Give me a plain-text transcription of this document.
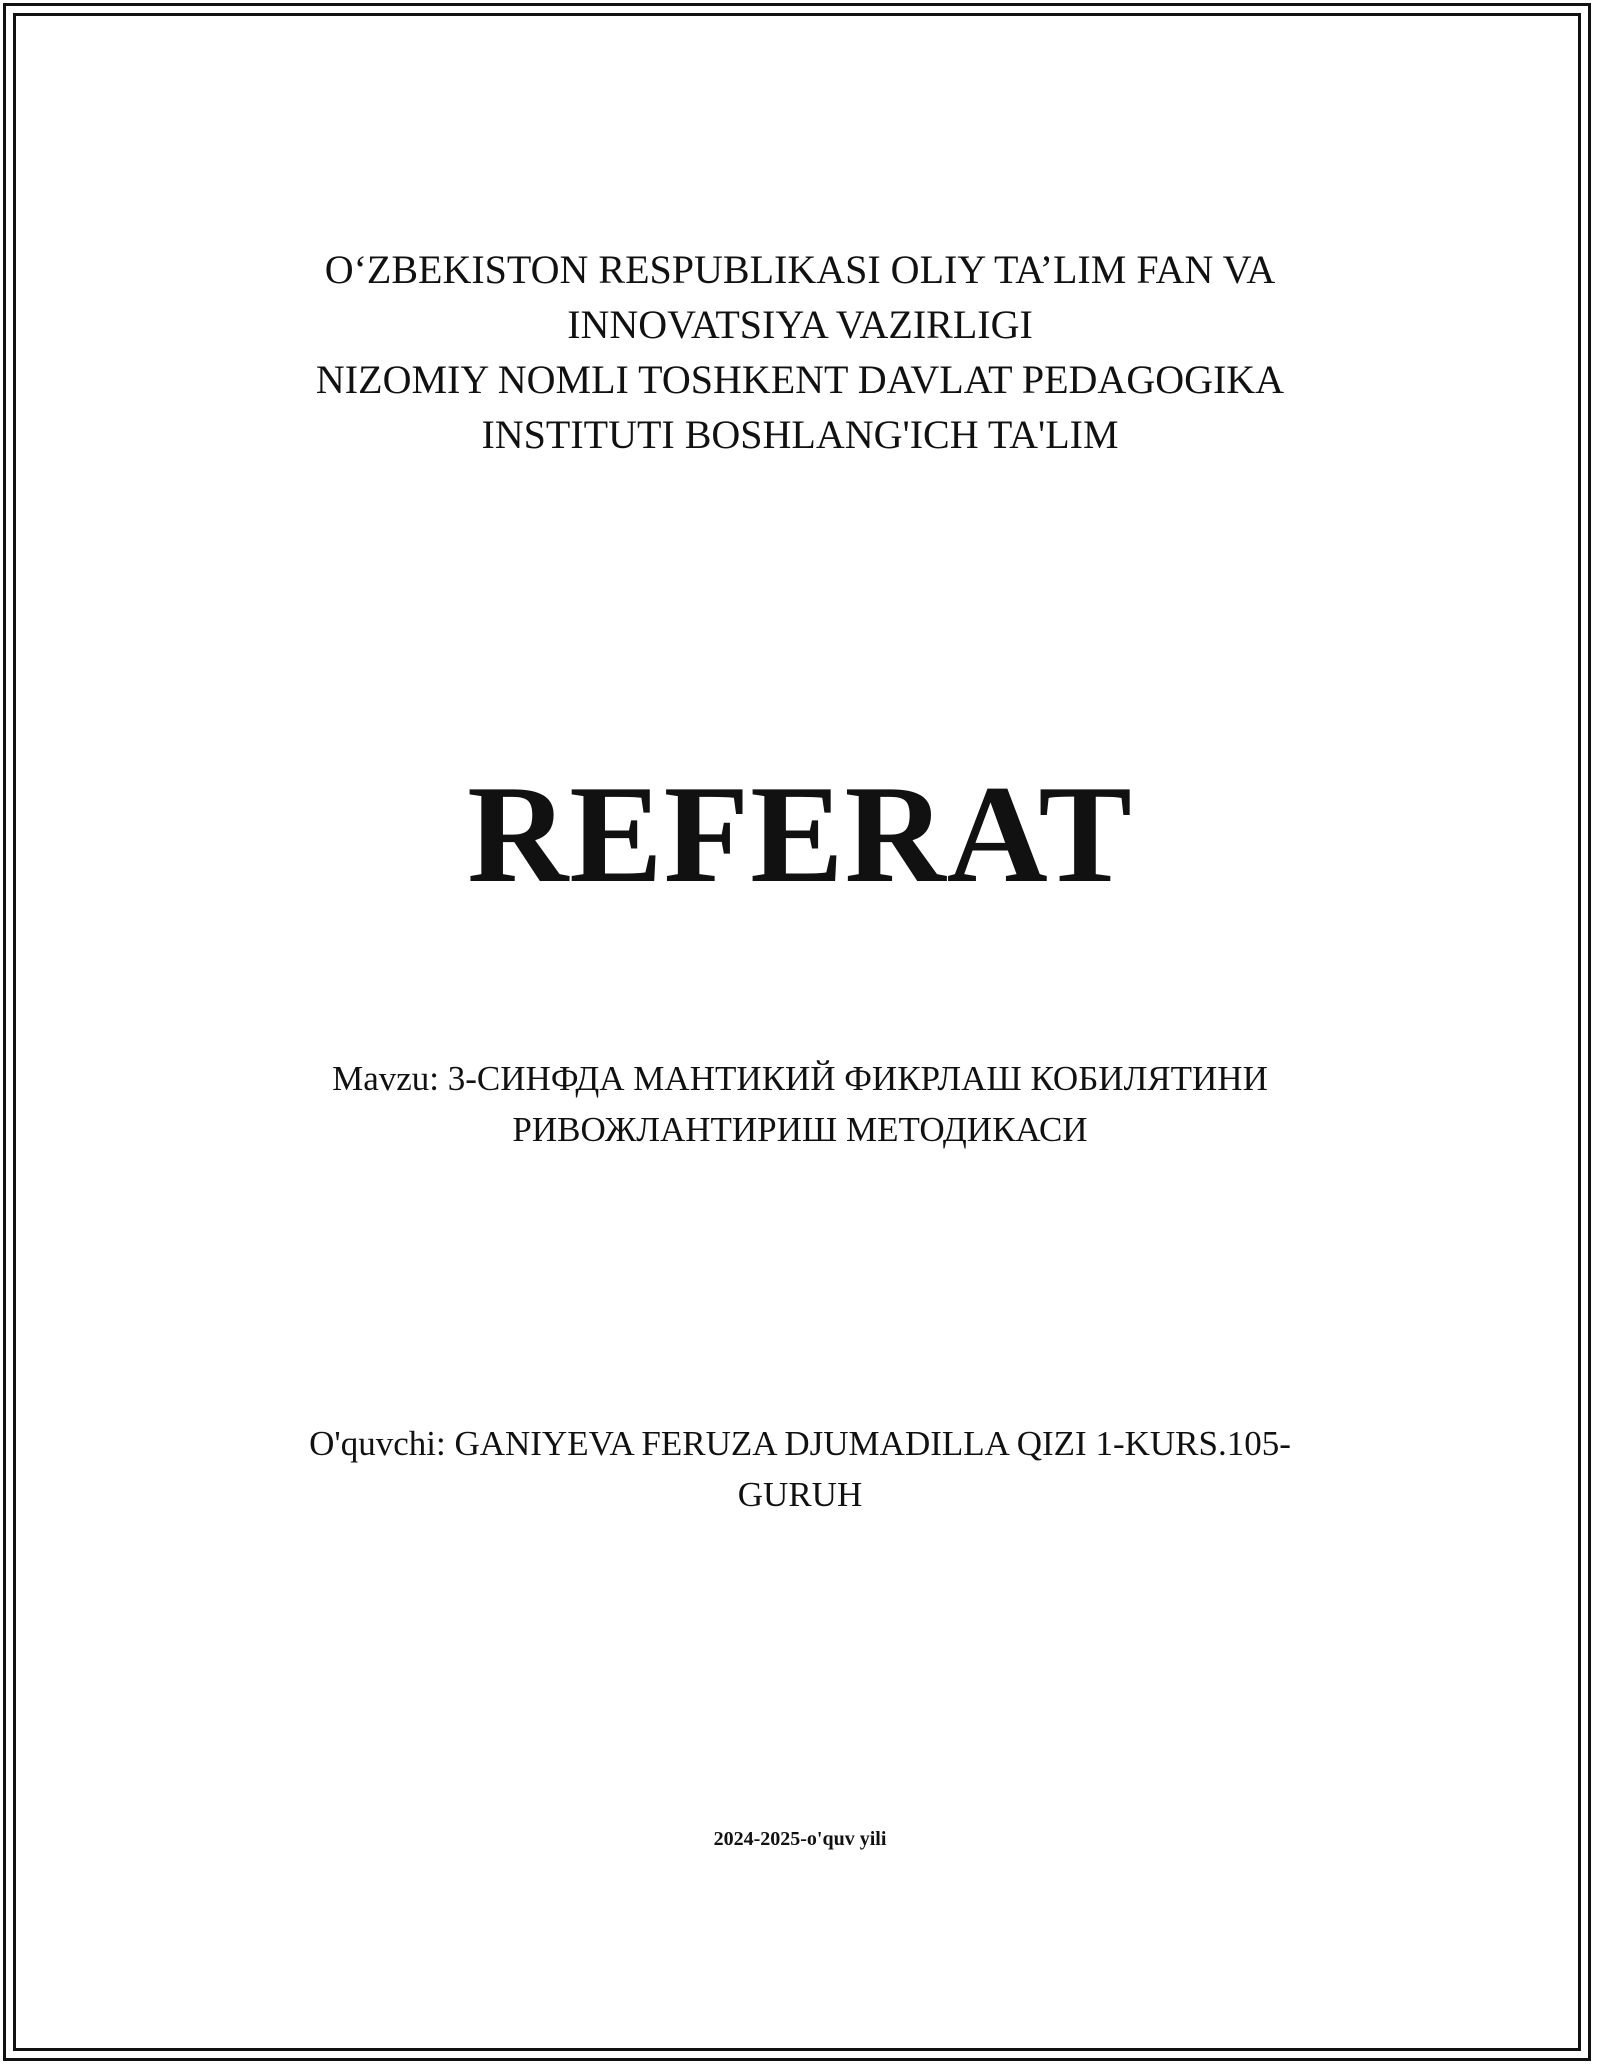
O‘ZBEKISTON RESPUBLIKASI OLIY TA’LIM FAN VA
INNOVATSIYA VAZIRLIGI
NIZOMIY NOMLI TOSHKENT DAVLAT PEDAGOGIKA
INSTITUTI BOSHLANG'ICH TA'LIM
REFERAT
Mavzu: 3-СИНФДА МАНТИКИЙ ФИКРЛАШ КОБИЛЯТИНИ
РИВОЖЛАНТИРИШ МЕТОДИКАСИ
O'quvchi: GANIYEVA FERUZA DJUMADILLA QIZI 1-KURS.105-
GURUH
2024-2025-o'quv yili
